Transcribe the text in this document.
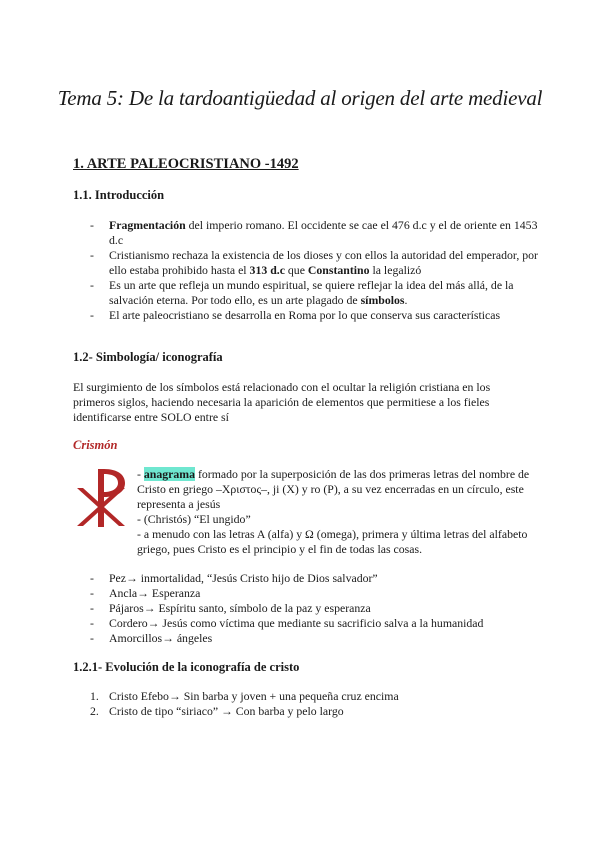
Tema 5: De la tardoantigüedad al origen del arte medieval
1. ARTE PALEOCRISTIANO -1492
1.1. Introducción
- Fragmentación del imperio romano. El occidente se cae el 476 d.c y el de oriente en 1453 d.c
- Cristianismo rechaza la existencia de los dioses y con ellos la autoridad del emperador, por ello estaba prohibido hasta el 313 d.c que Constantino la legalizó
- Es un arte que refleja un mundo espiritual, se quiere reflejar la idea del más allá, de la salvación eterna. Por todo ello, es un arte plagado de símbolos.
- El arte paleocristiano se desarrolla en Roma por lo que conserva sus características
1.2- Simbología/ iconografía

El surgimiento de los símbolos está relacionado con el ocultar la religión cristiana en los primeros siglos, haciendo necesaria la aparición de elementos que permitiese a los fieles identificarse entre SOLO entre sí

Crismón

- anagrama formado por la superposición de las dos primeras letras del nombre de Cristo en griego –Χριστος–, ji (X) y ro (P), a su vez encerradas en un círculo, este representa a jesús
- (Christós) “El ungido”
- a menudo con las letras A (alfa) y Ω (omega), primera y última letras del alfabeto griego, pues Cristo es el principio y el fin de todas las cosas.

- Pez→ inmortalidad, “Jesús Cristo hijo de Dios salvador”
- Ancla→ Esperanza
- Pájaros→ Espíritu santo, símbolo de la paz y esperanza
- Cordero→ Jesús como víctima que mediante su sacrificio salva a la humanidad
- Amorcillos→ ángeles
1.2.1- Evolución de la iconografía de cristo
1. Cristo Efebo→ Sin barba y joven + una pequeña cruz encima
2. Cristo de tipo “siriaco” → Con barba y pelo largo
